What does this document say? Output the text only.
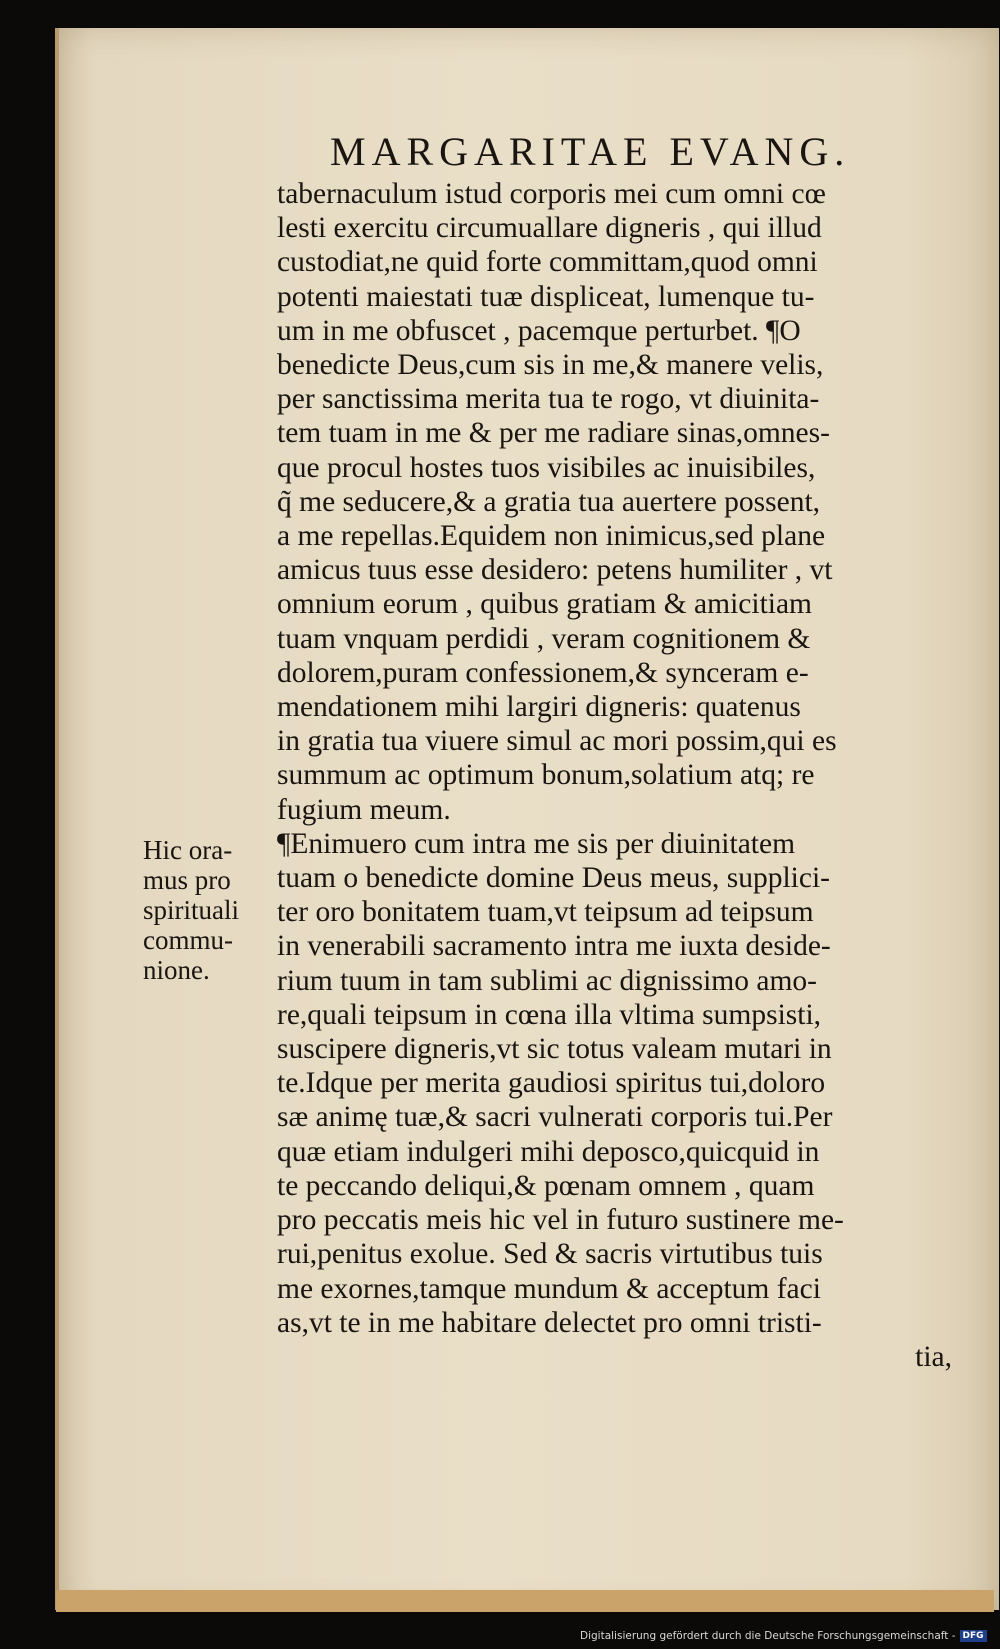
MARGARITAE EVANG.
tabernaculum istud corporis mei cum omni cœ
lesti exercitu circumuallare digneris , qui illud
custodiat,ne quid forte committam,quod omni
potenti maiestati tuæ displiceat, lumenque tu-
um in me obfuscet , pacemque perturbet. ¶O
benedicte Deus,cum sis in me,& manere velis,
per sanctissima merita tua te rogo, vt diuinita-
tem tuam in me & per me radiare sinas,omnes-
que procul hostes tuos visibiles ac inuisibiles,
q̃ me seducere,& a gratia tua auertere possent,
a me repellas.Equidem non inimicus,sed plane
amicus tuus esse desidero: petens humiliter , vt
omnium eorum , quibus gratiam & amicitiam
tuam vnquam perdidi , veram cognitionem &
dolorem,puram confessionem,& synceram e-
mendationem mihi largiri digneris: quatenus
in gratia tua viuere simul ac mori possim,qui es
summum ac optimum bonum,solatium atq; re
fugium meum.
¶Enimuero cum intra me sis per diuinitatem
tuam o benedicte domine Deus meus, supplici-
ter oro bonitatem tuam,vt teipsum ad teipsum
in venerabili sacramento intra me iuxta deside-
rium tuum in tam sublimi ac dignissimo amo-
re,quali teipsum in cœna illa vltima sumpsisti,
suscipere digneris,vt sic totus valeam mutari in
te.Idque per merita gaudiosi spiritus tui,doloro
sæ animę tuæ,& sacri vulnerati corporis tui.Per
quæ etiam indulgeri mihi deposco,quicquid in
te peccando deliqui,& pœnam omnem , quam
pro peccatis meis hic vel in futuro sustinere me-
rui,penitus exolue. Sed & sacris virtutibus tuis
me exornes,tamque mundum & acceptum faci
as,vt te in me habitare delectet pro omni tristi-
tia,
Hic ora-
mus pro
spirituali
commu-
nione.
Digitalisierung gefördert durch die Deutsche Forschungsgemeinschaft - DFG
